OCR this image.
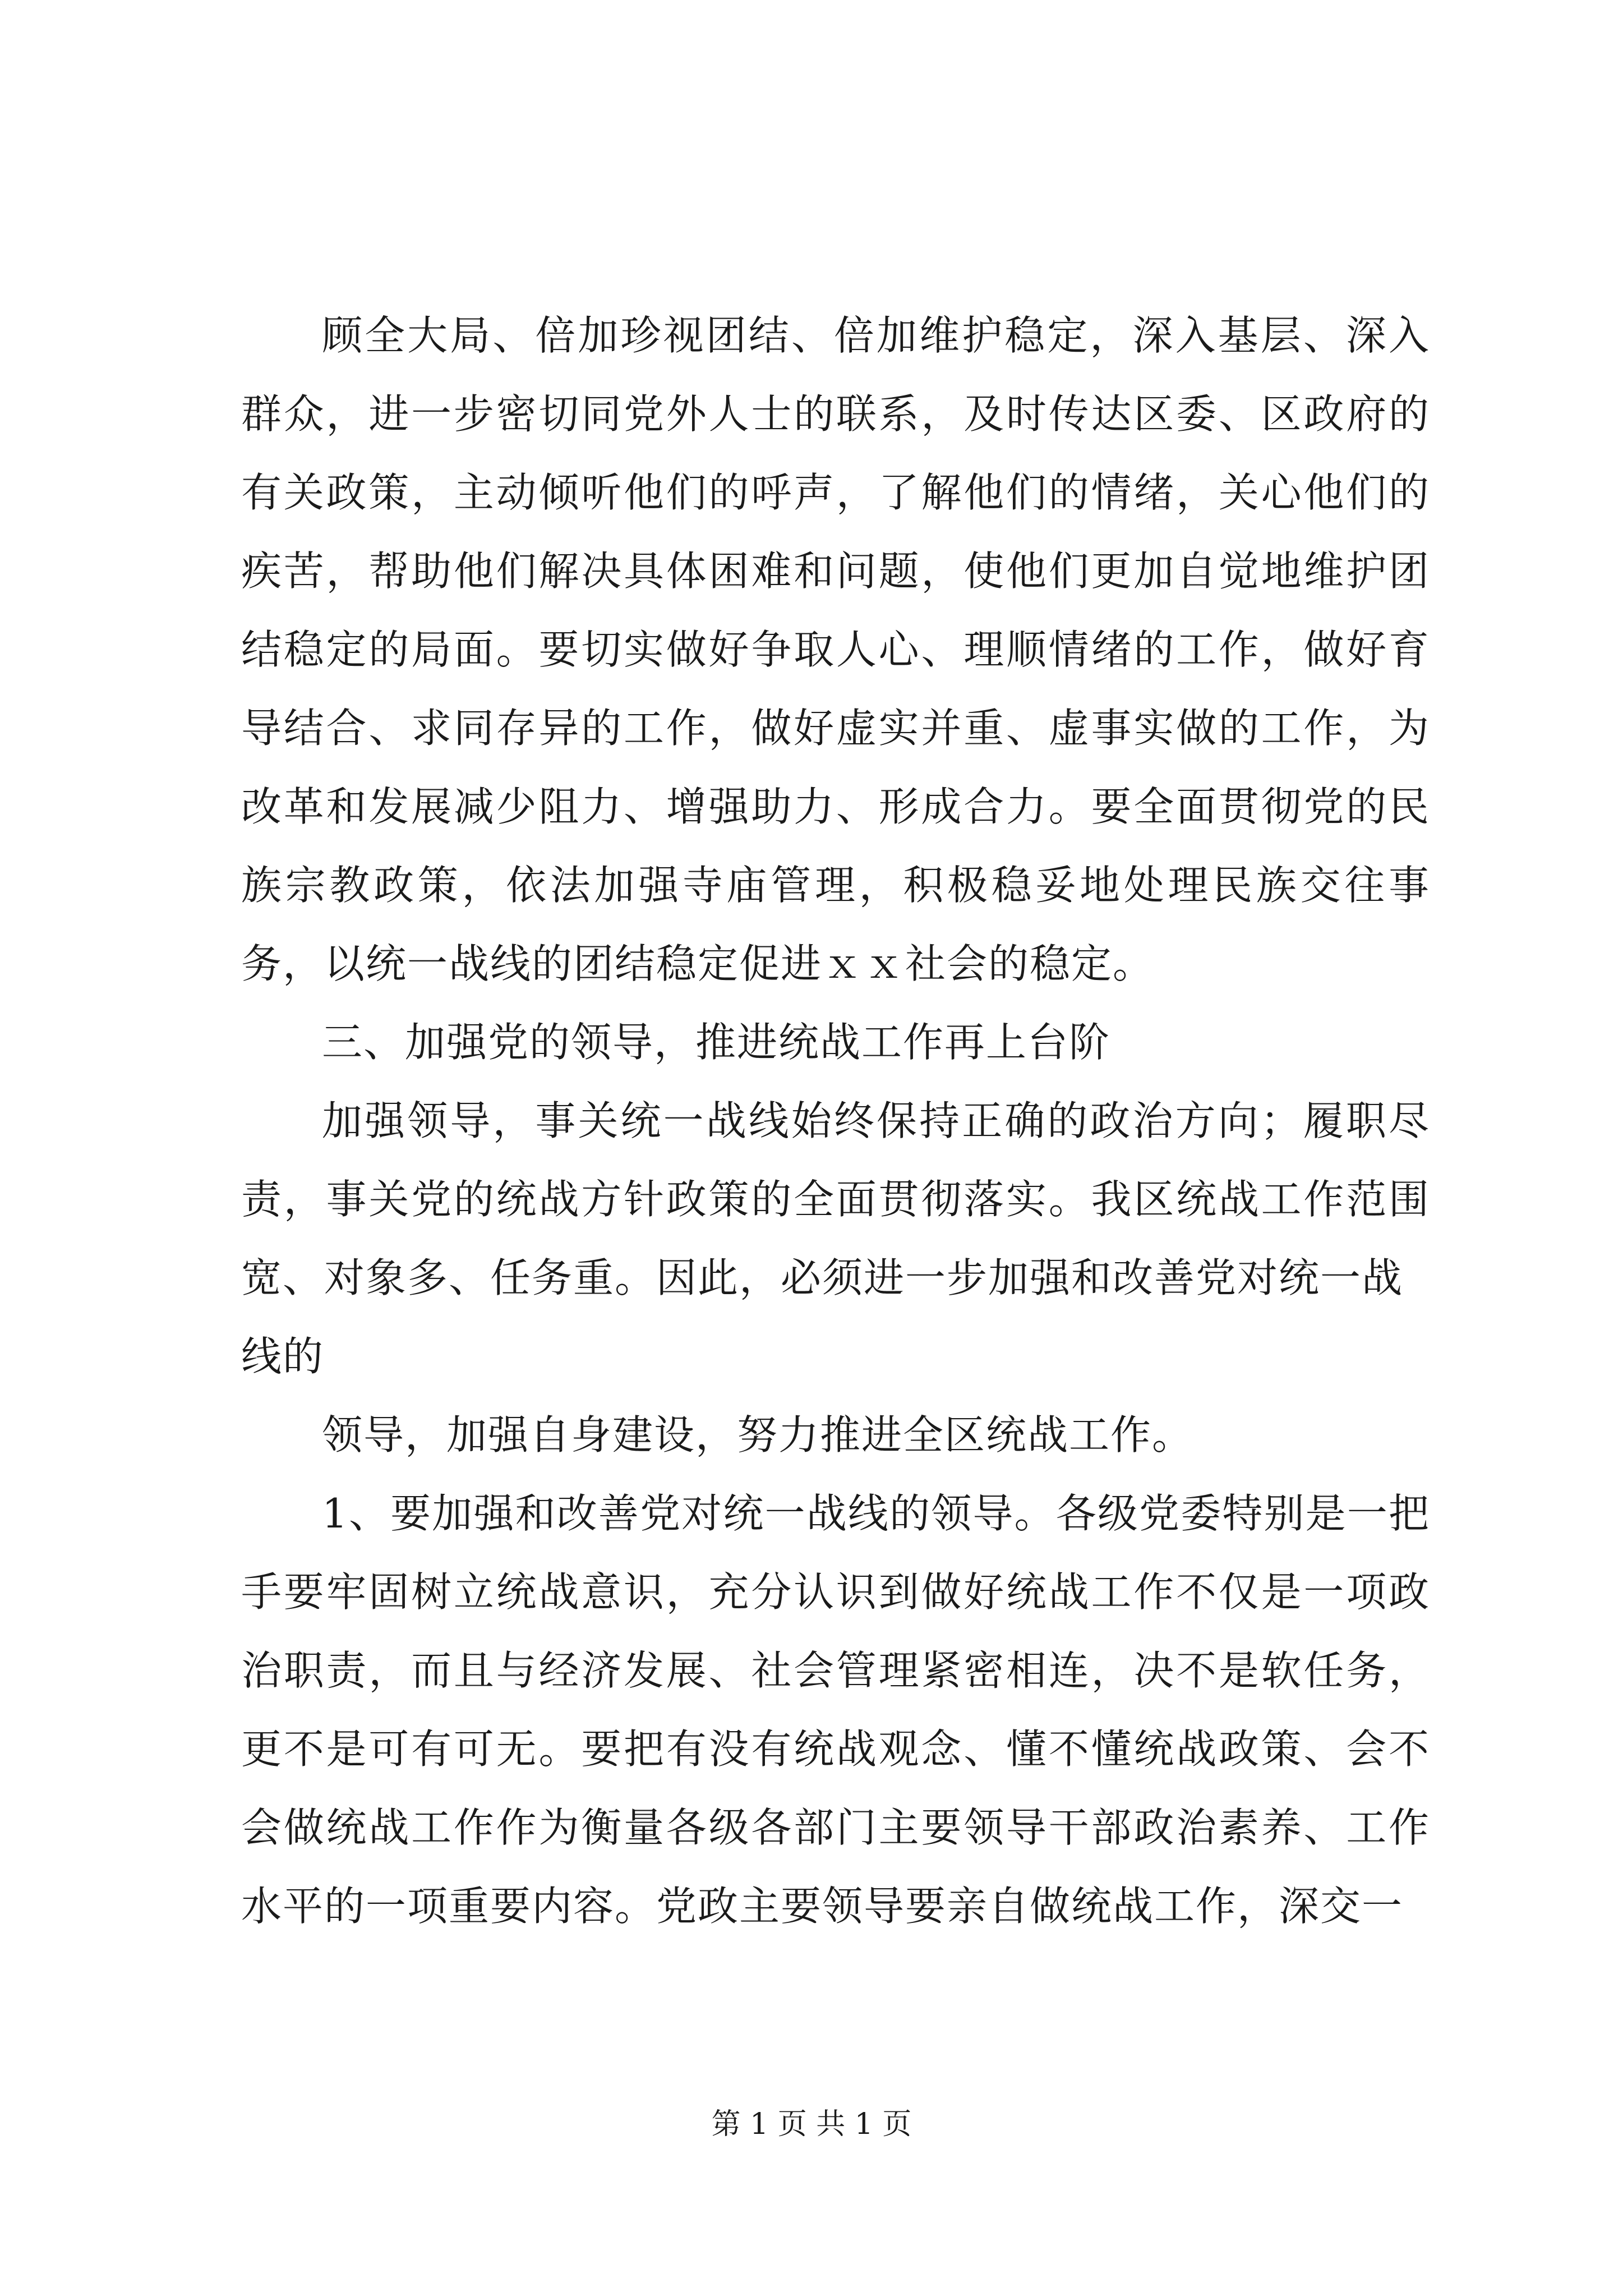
顾全大局、倍加珍视团结、倍加维护稳定，深入基层、深入群众，进一步密切同党外人士的联系，及时传达区委、区政府的有关政策，主动倾听他们的呼声，了解他们的情绪，关心他们的疾苦，帮助他们解决具体困难和问题，使他们更加自觉地维护团结稳定的局面。要切实做好争取人心、理顺情绪的工作，做好育导结合、求同存异的工作，做好虚实并重、虚事实做的工作，为改革和发展减少阻力、增强助力、形成合力。要全面贯彻党的民族宗教政策，依法加强寺庙管理，积极稳妥地处理民族交往事务，以统一战线的团结稳定促进ｘｘ社会的稳定。

三、加强党的领导，推进统战工作再上台阶

加强领导，事关统一战线始终保持正确的政治方向；履职尽责，事关党的统战方针政策的全面贯彻落实。我区统战工作范围宽、对象多、任务重。因此，必须进一步加强和改善党对统一战

线的

领导，加强自身建设，努力推进全区统战工作。

1、要加强和改善党对统一战线的领导。各级党委特别是一把手要牢固树立统战意识，充分认识到做好统战工作不仅是一项政治职责，而且与经济发展、社会管理紧密相连，决不是软任务，更不是可有可无。要把有没有统战观念、懂不懂统战政策、会不会做统战工作作为衡量各级各部门主要领导干部政治素养、工作水平的一项重要内容。党政主要领导要亲自做统战工作，深交一

第 1 页 共 1 页
